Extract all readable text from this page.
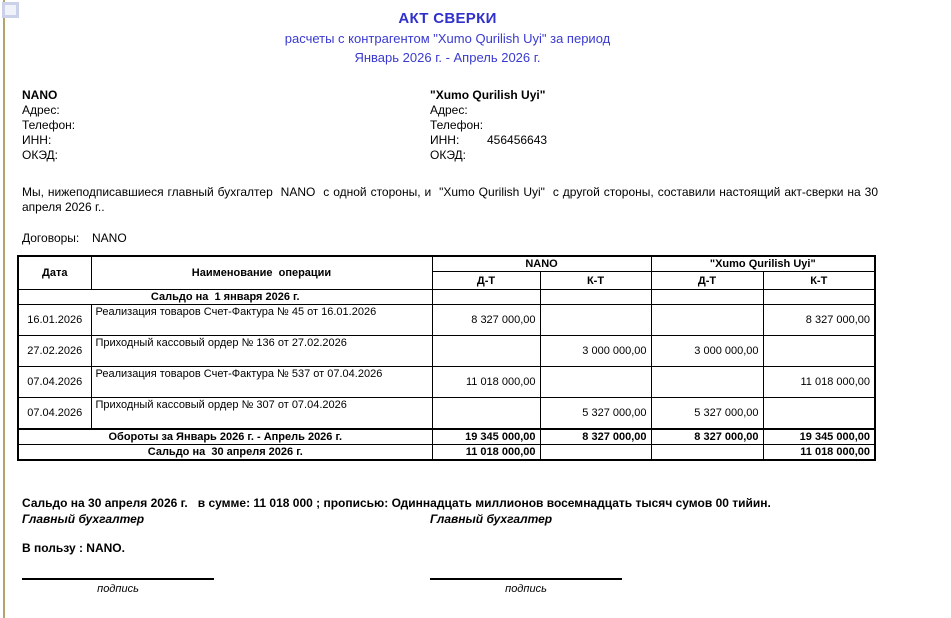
АКТ СВЕРКИ
расчеты с контрагентом "Xumo Qurilish Uyi" за период
Январь 2026 г. - Апрель 2026 г.
NANO
Адрес:
Телефон:
ИНН:
ОКЭД:
"Xumo Qurilish Uyi"
Адрес:
Телефон:
ИНН: 456456643
ОКЭД:
Мы, нижеподписавшиеся главный бухгалтер  NANO  с одной стороны, и  "Xumo Qurilish Uyi"  с другой стороны, составили настоящий акт-сверки на 30 апреля 2026 г..
Договоры: NANO
Дата	Наименование  операции	NANO		"Xumo Qurilish Uyi"	
		Д-Т	К-Т	Д-Т	К-Т
Сальдо на  1 января 2026 г.					
16.01.2026	Реализация товаров Счет-Фактура № 45 от 16.01.2026	8 327 000,00			8 327 000,00
27.02.2026	Приходный кассовый ордер № 136 от 27.02.2026		3 000 000,00	3 000 000,00	
07.04.2026	Реализация товаров Счет-Фактура № 537 от 07.04.2026	11 018 000,00			11 018 000,00
07.04.2026	Приходный кассовый ордер № 307 от 07.04.2026		5 327 000,00	5 327 000,00	
Обороты за Январь 2026 г. - Апрель 2026 г.		19 345 000,00	8 327 000,00	8 327 000,00	19 345 000,00
Сальдо на  30 апреля 2026 г.		11 018 000,00			11 018 000,00

Сальдо на 30 апреля 2026 г.   в сумме: 11 018 000 ; прописью: Одиннадцать миллионов восемнадцать тысяч сумов 00 тийин.

В пользу : NANO.

Главный бухгалтер
подпись
Главный бухгалтер
подпись
